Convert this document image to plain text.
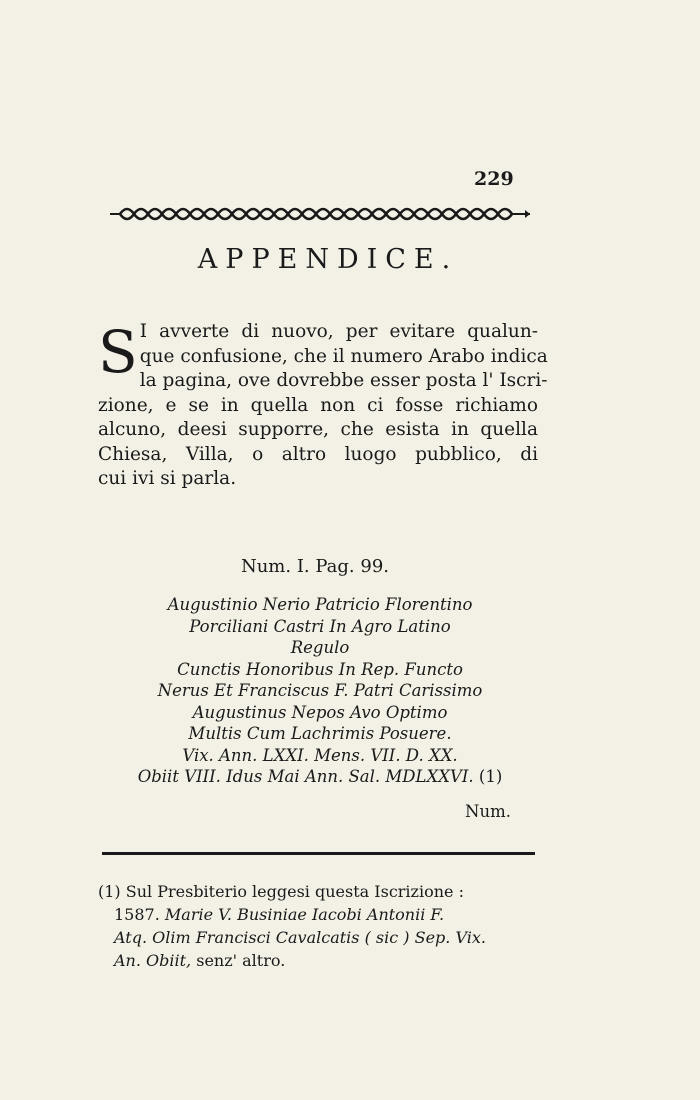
229
APPENDICE.
S I avverte di nuovo, per evitare qualun-
que confusione, che il numero Arabo indica
la pagina, ove dovrebbe esser posta l' Iscri-
zione, e se in quella non ci fosse richiamo
alcuno, deesi supporre, che esista in quella
Chiesa, Villa, o altro luogo pubblico, di
cui ivi si parla.
Num. I. Pag. 99.
Augustinio Nerio Patricio Florentino
Porciliani Castri In Agro Latino
Regulo
Cunctis Honoribus In Rep. Functo
Nerus Et Franciscus F. Patri Carissimo
Augustinus Nepos Avo Optimo
Multis Cum Lachrimis Posuere.
Vix. Ann. LXXI. Mens. VII. D. XX.
Obiit VIII. Idus Mai Ann. Sal. MDLXXVI. (1)
Num.
(1) Sul Presbiterio leggesi questa Iscrizione :
1587. Marie V. Businiae Iacobi Antonii F.
Atq. Olim Francisci Cavalcatis ( sic ) Sep. Vix.
An. Obiit, senz' altro.
